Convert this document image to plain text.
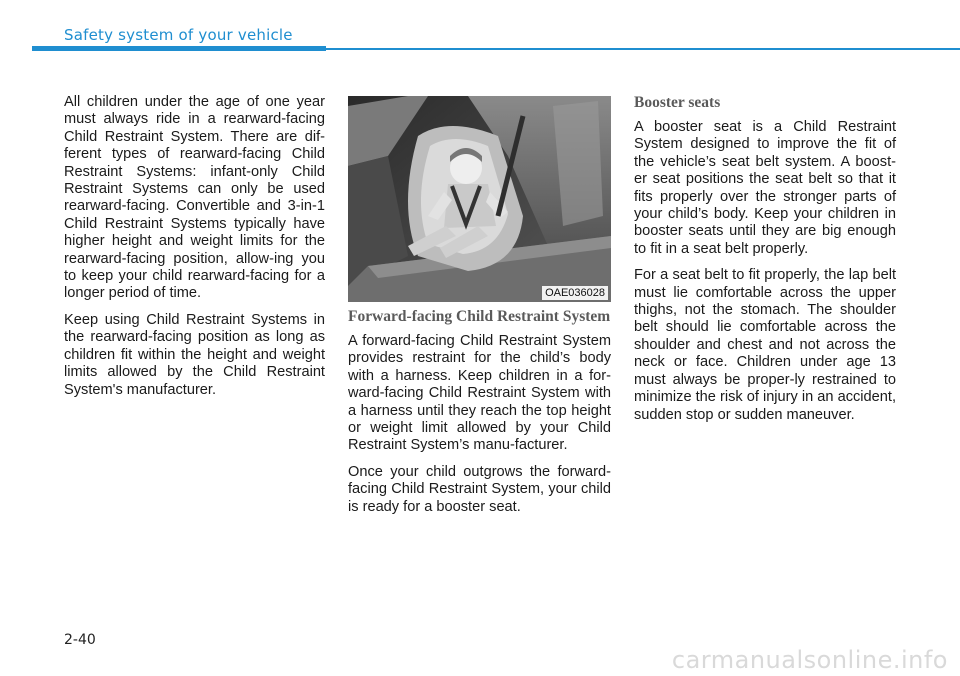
Safety system of your vehicle

All children under the age of one year must always ride in a rearward-facing Child Restraint System. There are dif-ferent types of rearward-facing Child Restraint Systems: infant-only Child Restraint Systems can only be used rearward-facing. Convertible and 3-in-1 Child Restraint Systems typically have higher height and weight limits for the rearward-facing position, allow-ing you to keep your child rearward-facing for a longer period of time.

Keep using Child Restraint Systems in the rearward-facing position as long as children fit within the height and weight limits allowed by the Child Restraint System's manufacturer.

OAE036028
Forward-facing Child Restraint System

A forward-facing Child Restraint System provides restraint for the child’s body with a harness. Keep children in a for-ward-facing Child Restraint System with a harness until they reach the top height or weight limit allowed by your Child Restraint System’s manu-facturer.

Once your child outgrows the forward-facing Child Restraint System, your child is ready for a booster seat.

Booster seats

A booster seat is a Child Restraint System designed to improve the fit of the vehicle’s seat belt system. A boost-er seat positions the seat belt so that it fits properly over the stronger parts of your child’s body. Keep your children in booster seats until they are big enough to fit in a seat belt properly.

For a seat belt to fit properly, the lap belt must lie comfortable across the upper thighs, not the stomach. The shoulder belt should lie comfortable across the shoulder and chest and not across the neck or face. Children under age 13 must always be proper-ly restrained to minimize the risk of injury in an accident, sudden stop or sudden maneuver.

2-40
carmanualsonline.info
